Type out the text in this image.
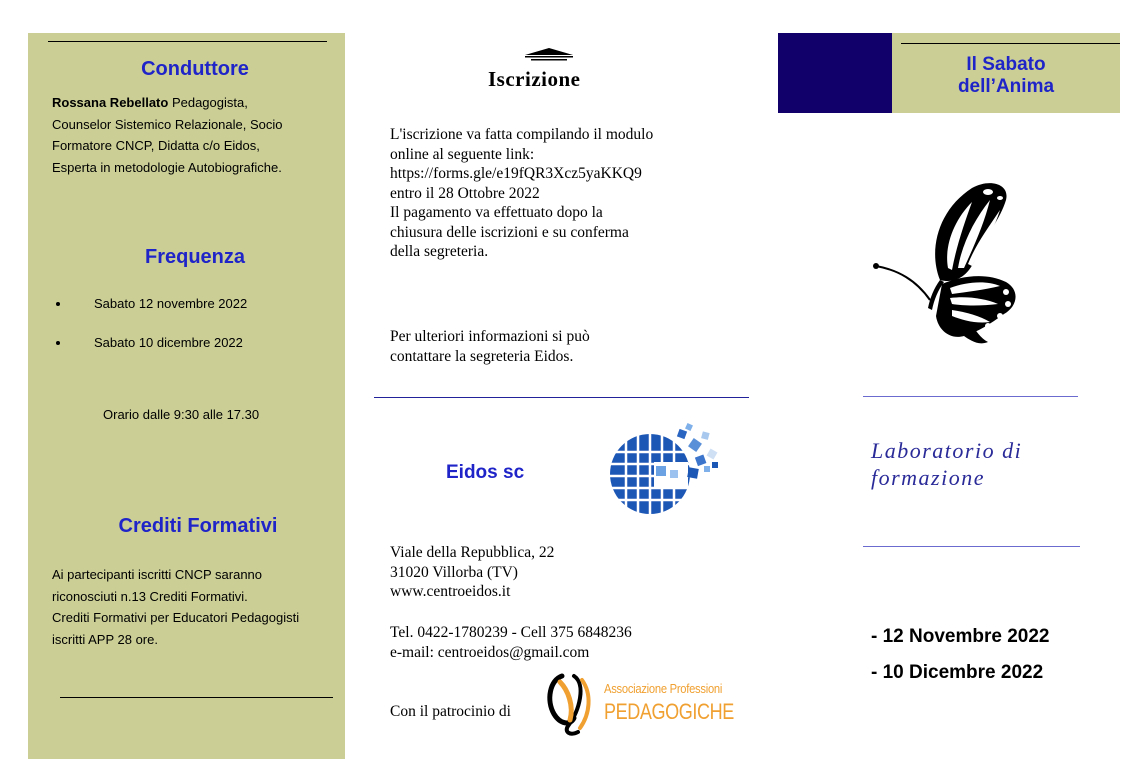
Conduttore
Rossana Rebellato Pedagogista,
Counselor Sistemico Relazionale, Socio
Formatore CNCP, Didatta c/o Eidos,
Esperta in metodologie Autobiografiche.
Frequenza
Sabato 12 novembre 2022
Sabato 10 dicembre 2022
Orario dalle 9:30 alle 17.30
Crediti Formativi
Ai partecipanti iscritti CNCP saranno
riconosciuti n.13 Crediti Formativi.
Crediti Formativi per Educatori Pedagogisti
iscritti APP 28 ore.
Iscrizione
L'iscrizione va fatta compilando il modulo
online al seguente link:
https://forms.gle/e19fQR3Xcz5yaKKQ9
entro il 28 Ottobre 2022
Il pagamento va effettuato dopo la
chiusura delle iscrizioni e su conferma
della segreteria.
Per ulteriori informazioni si può
contattare la segreteria Eidos.
Eidos sc
Viale della Repubblica, 22
31020 Villorba (TV)
www.centroeidos.it
Tel. 0422-1780239 - Cell 375 6848236
e-mail: centroeidos@gmail.com
Con il patrocinio di
Associazione Professioni
PEDAGOGICHE
Il Sabato
dell’Anima
Laboratorio di
formazione
- 12 Novembre 2022
- 10 Dicembre 2022
